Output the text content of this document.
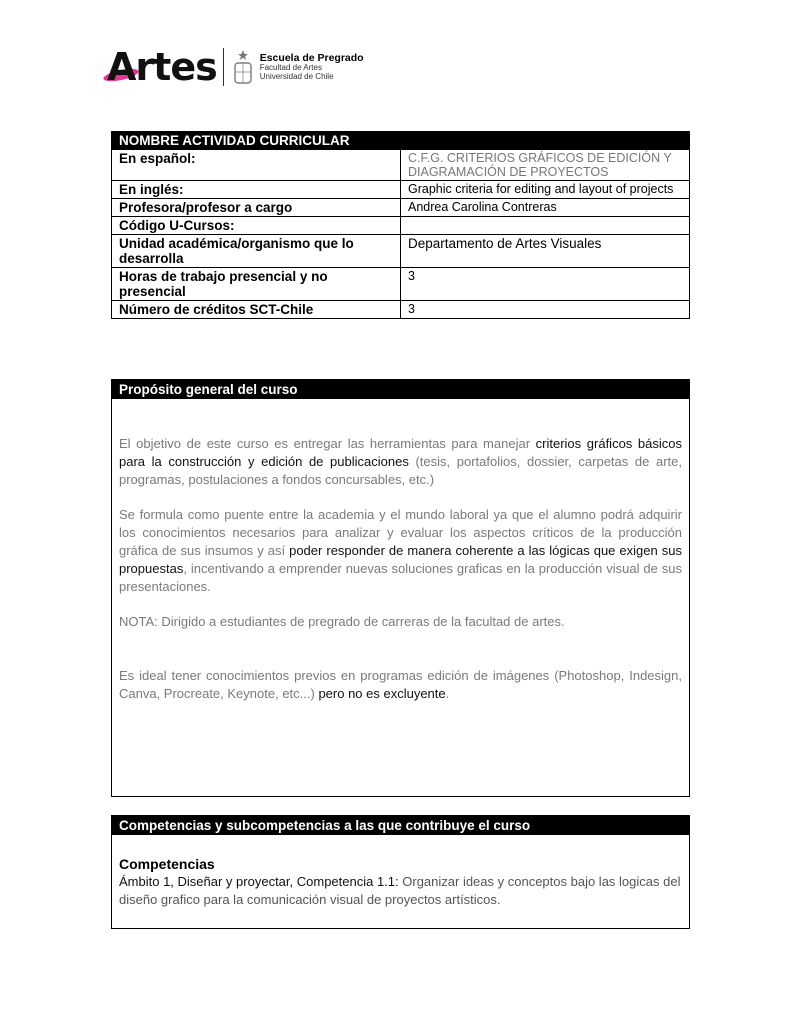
Artes	Escuela de Pregrado
Facultad de Artes
Universidad de Chile
NOMBRE ACTIVIDAD CURRICULAR	
En español:	C.F.G. CRITERIOS GRÁFICOS DE EDICIÓN Y DIAGRAMACIÓN DE PROYECTOS
En inglés:	Graphic criteria for editing and layout of projects
Profesora/profesor a cargo	Andrea Carolina Contreras
Código U-Cursos:	
Unidad académica/organismo que lo desarrolla	Departamento de Artes Visuales
Horas de trabajo presencial y no presencial	3
Número de créditos SCT-Chile	3
Propósito general del curso

El objetivo de este curso es entregar las herramientas para manejar criterios gráficos básicos para la construcción y edición de publicaciones (tesis, portafolios, dossier, carpetas de arte, programas, postulaciones a fondos concursables, etc.)

Se formula como puente entre la academia y el mundo laboral ya que el alumno podrá adquirir los conocimientos necesarios para analizar y evaluar los aspectos críticos de la producción gráfica de sus insumos y así poder responder de manera coherente a las lógicas que exigen sus propuestas, incentivando a emprender nuevas soluciones graficas en la producción visual de sus presentaciones.

NOTA: Dirigido a estudiantes de pregrado de carreras de la facultad de artes.

Es ideal tener conocimientos previos en programas edición de imágenes (Photoshop, Indesign, Canva, Procreate, Keynote, etc...) pero no es excluyente.

Competencias y subcompetencias a las que contribuye el curso
Competencias
Ámbito 1, Diseñar y proyectar, Competencia 1.1: Organizar ideas y conceptos bajo las logicas del diseño grafico para la comunicación visual de proyectos artísticos.
